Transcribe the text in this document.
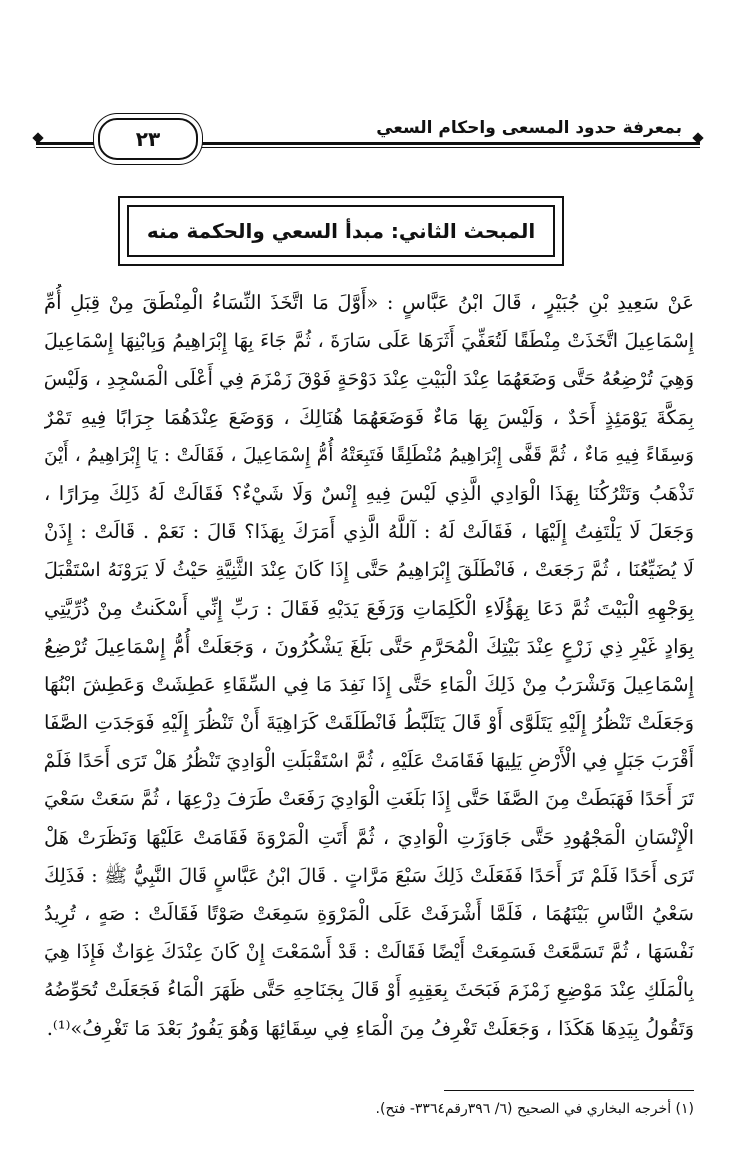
بمعرفة حدود المسعى واحكام السعي
٢٣
المبحث الثاني: مبدأ السعي والحكمة منه
عَنْ سَعِيدِ بْنِ جُبَيْرٍ ، قَالَ ابْنُ عَبَّاسٍ : «أَوَّلَ مَا اتَّخَذَ النِّسَاءُ الْمِنْطَقَ مِنْ قِبَلِ أُمِّ
إِسْمَاعِيلَ اتَّخَذَتْ مِنْطَقًا لَتُعَفِّيَ أَثَرَهَا عَلَى سَارَةَ ، ثُمَّ جَاءَ بِهَا إِبْرَاهِيمُ وَبِابْنِهَا إِسْمَاعِيلَ
وَهِيَ تُرْضِعُهُ حَتَّى وَضَعَهُمَا عِنْدَ الْبَيْتِ عِنْدَ دَوْحَةٍ فَوْقَ زَمْزَمَ فِي أَعْلَى الْمَسْجِدِ ، وَلَيْسَ
بِمَكَّةَ يَوْمَئِذٍ أَحَدٌ ، وَلَيْسَ بِهَا مَاءٌ فَوَضَعَهُمَا هُنَالِكَ ، وَوَضَعَ عِنْدَهُمَا جِرَابًا فِيهِ تَمْرٌ
وَسِقَاءً فِيهِ مَاءٌ ، ثُمَّ قَفَّى إِبْرَاهِيمُ مُنْطَلِقًا فَتَبِعَتْهُ أُمُّ إِسْمَاعِيلَ ، فَقَالَتْ : يَا إِبْرَاهِيمُ ، أَيْنَ
تَذْهَبُ وَتَتْرُكُنَا بِهَذَا الْوَادِي الَّذِي لَيْسَ فِيهِ إِنْسٌ وَلَا شَيْءٌ؟ فَقَالَتْ لَهُ ذَلِكَ مِرَارًا ،
وَجَعَلَ لَا يَلْتَفِتُ إِلَيْهَا ، فَقَالَتْ لَهُ : آللَّهُ الَّذِي أَمَرَكَ بِهَذَا؟ قَالَ : نَعَمْ . قَالَتْ : إِذَنْ
لَا يُضَيِّعُنَا ، ثُمَّ رَجَعَتْ ، فَانْطَلَقَ إِبْرَاهِيمُ حَتَّى إِذَا كَانَ عِنْدَ الثَّنِيَّةِ حَيْثُ لَا يَرَوْنَهُ اسْتَقْبَلَ
بِوَجْهِهِ الْبَيْتَ ثُمَّ دَعَا بِهَؤُلَاءِ الْكَلِمَاتِ وَرَفَعَ يَدَيْهِ فَقَالَ : رَبِّ إِنِّي أَسْكَنتُ مِنْ ذُرِّيَّتِي
بِوَادٍ غَيْرِ ذِي زَرْعٍ عِنْدَ بَيْتِكَ الْمُحَرَّمِ حَتَّى بَلَغَ يَشْكُرُونَ ، وَجَعَلَتْ أُمُّ إِسْمَاعِيلَ تُرْضِعُ
إِسْمَاعِيلَ وَتَشْرَبُ مِنْ ذَلِكَ الْمَاءِ حَتَّى إِذَا نَفِدَ مَا فِي السِّقَاءِ عَطِشَتْ وَعَطِشَ ابْنُهَا
وَجَعَلَتْ تَنْظُرُ إِلَيْهِ يَتَلَوَّى أَوْ قَالَ يَتَلَبَّطُ فَانْطَلَقَتْ كَرَاهِيَةَ أَنْ تَنْظُرَ إِلَيْهِ فَوَجَدَتِ الصَّفَا
أَقْرَبَ جَبَلٍ فِي الْأَرْضِ يَلِيهَا فَقَامَتْ عَلَيْهِ ، ثُمَّ اسْتَقْبَلَتِ الْوَادِيَ تَنْظُرُ هَلْ تَرَى أَحَدًا فَلَمْ
تَرَ أَحَدًا فَهَبَطَتْ مِنَ الصَّفَا حَتَّى إِذَا بَلَغَتِ الْوَادِيَ رَفَعَتْ طَرَفَ دِرْعِهَا ، ثُمَّ سَعَتْ سَعْيَ
الْإِنْسَانِ الْمَجْهُودِ حَتَّى جَاوَزَتِ الْوَادِيَ ، ثُمَّ أَتَتِ الْمَرْوَةَ فَقَامَتْ عَلَيْهَا وَنَظَرَتْ هَلْ
تَرَى أَحَدًا فَلَمْ تَرَ أَحَدًا فَفَعَلَتْ ذَلِكَ سَبْعَ مَرَّاتٍ . قَالَ ابْنُ عَبَّاسٍ قَالَ النَّبِيُّ ﷺ : فَذَلِكَ
سَعْيُ النَّاسِ بَيْنَهُمَا ، فَلَمَّا أَشْرَفَتْ عَلَى الْمَرْوَةِ سَمِعَتْ صَوْتًا فَقَالَتْ : صَهٍ ، تُرِيدُ
نَفْسَهَا ، ثُمَّ تَسَمَّعَتْ فَسَمِعَتْ أَيْضًا فَقَالَتْ : قَدْ أَسْمَعْتَ إِنْ كَانَ عِنْدَكَ غِوَاثٌ فَإِذَا هِيَ
بِالْمَلَكِ عِنْدَ مَوْضِعِ زَمْزَمَ فَبَحَثَ بِعَقِبِهِ أَوْ قَالَ بِجَنَاحِهِ حَتَّى ظَهَرَ الْمَاءُ فَجَعَلَتْ تُحَوِّضُهُ
وَتَقُولُ بِيَدِهَا هَكَذَا ، وَجَعَلَتْ تَغْرِفُ مِنَ الْمَاءِ فِي سِقَائِهَا وَهُوَ يَفُورُ بَعْدَ مَا تَغْرِفُ»⁽¹⁾.
(١) أخرجه البخاري في الصحيح (٦/ ٣٩٦رقم٣٣٦٤- فتح).
